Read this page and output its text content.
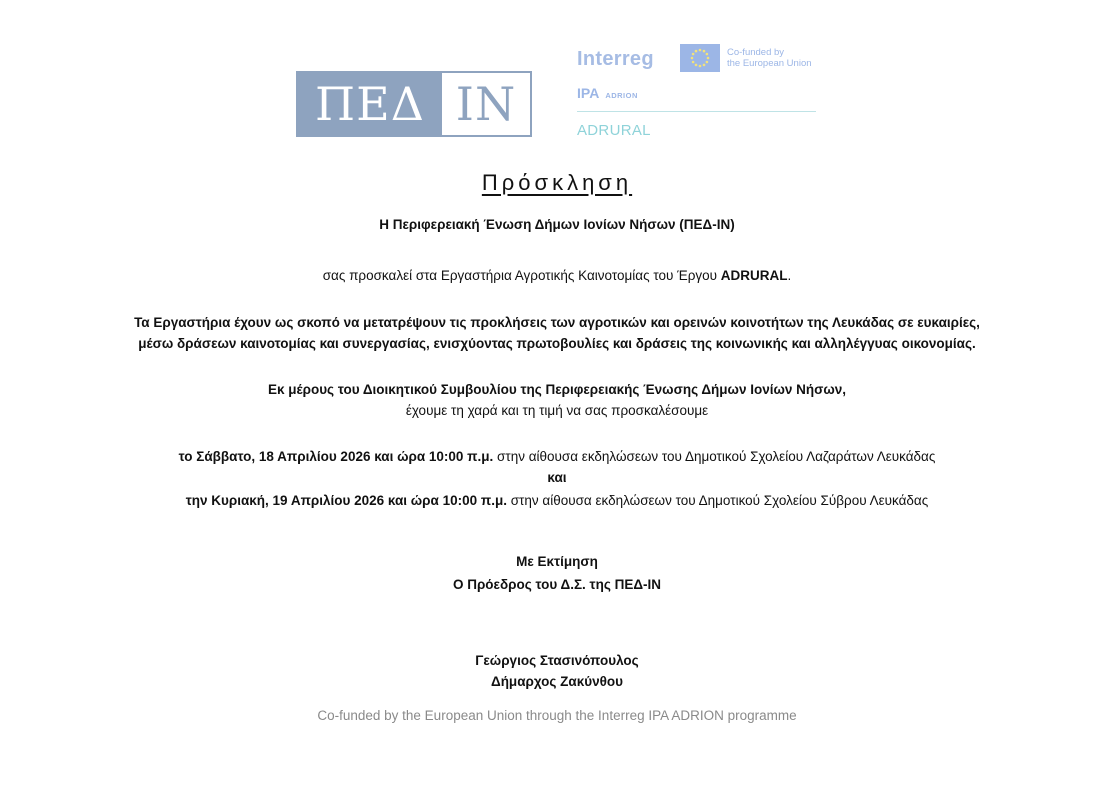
ΠΕΔ ΙΝ
Interreg	Co-funded by
the European Union
IPA ADRION
ADRURAL
Πρόσκληση
Η Περιφερειακή Ένωση Δήμων Ιονίων Νήσων (ΠΕΔ-ΙΝ)
σας προσκαλεί στα Εργαστήρια Αγροτικής Καινοτομίας του Έργου ADRURAL.
Τα Εργαστήρια έχουν ως σκοπό να μετατρέψουν τις προκλήσεις των αγροτικών και ορεινών κοινοτήτων της Λευκάδας σε ευκαιρίες,
μέσω δράσεων καινοτομίας και συνεργασίας, ενισχύοντας πρωτοβουλίες και δράσεις της κοινωνικής και αλληλέγγυας οικονομίας.
Εκ μέρους του Διοικητικού Συμβουλίου της Περιφερειακής Ένωσης Δήμων Ιονίων Νήσων,
έχουμε τη χαρά και τη τιμή να σας προσκαλέσουμε
το Σάββατο, 18 Απριλίου 2026 και ώρα 10:00 π.μ. στην αίθουσα εκδηλώσεων του Δημοτικού Σχολείου Λαζαράτων Λευκάδας
και
την Κυριακή, 19 Απριλίου 2026 και ώρα 10:00 π.μ. στην αίθουσα εκδηλώσεων του Δημοτικού Σχολείου Σύβρου Λευκάδας
Με Εκτίμηση
Ο Πρόεδρος του Δ.Σ. της ΠΕΔ-ΙΝ
Γεώργιος Στασινόπουλος
Δήμαρχος Ζακύνθου
Co-funded by the European Union through the Interreg IPA ADRION programme
